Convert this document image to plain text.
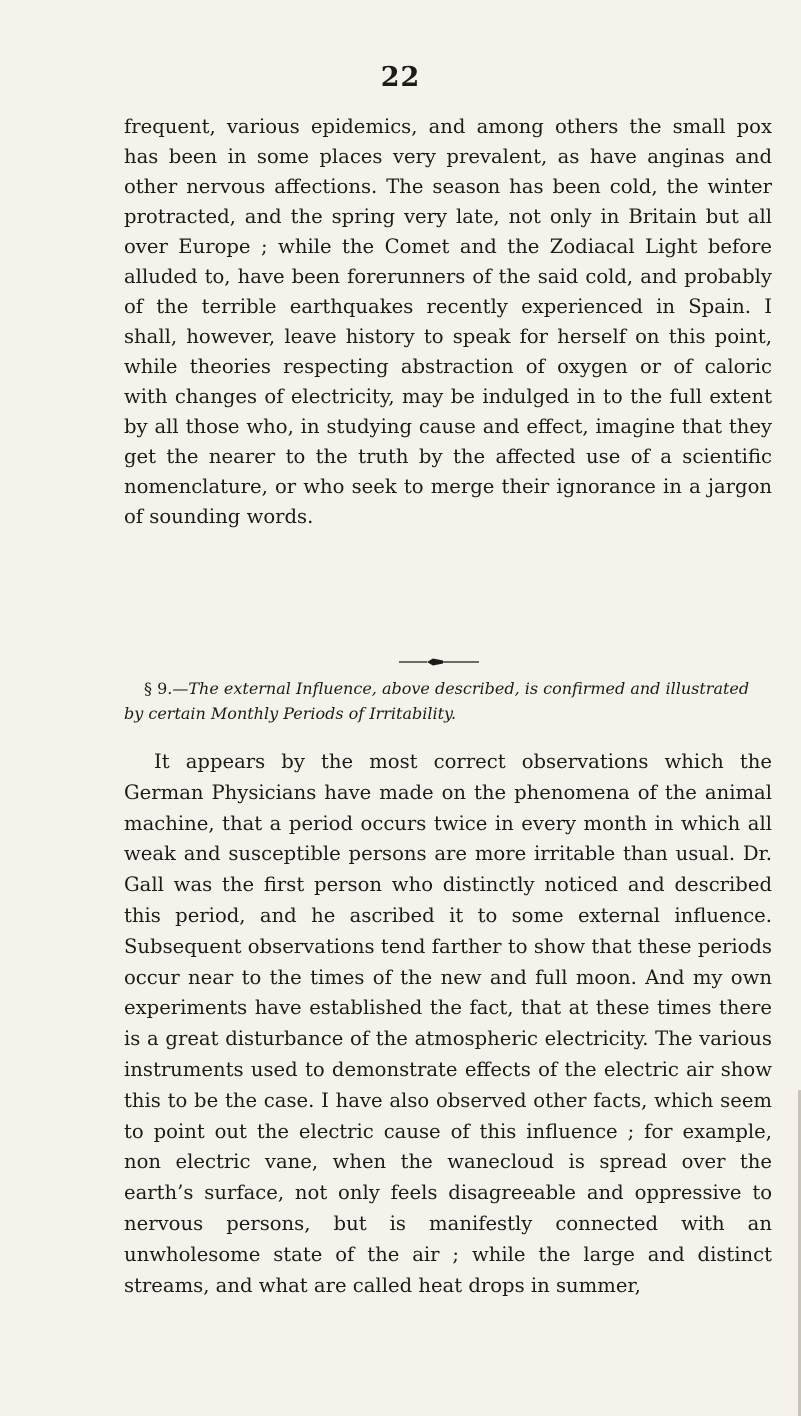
22

frequent, various epidemics, and among others the small pox has been in some places very prevalent, as have anginas and other nervous affections. The season has been cold, the winter protracted, and the spring very late, not only in Britain but all over Europe ; while the Comet and the Zodiacal Light before alluded to, have been forerunners of the said cold, and probably of the terrible earthquakes recently experienced in Spain. I shall, however, leave history to speak for herself on this point, while theories respecting abstraction of oxygen or of caloric with changes of electricity, may be indulged in to the full extent by all those who, in studying cause and effect, imagine that they get the nearer to the truth by the affected use of a scientific nomenclature, or who seek to merge their ignorance in a jargon of sounding words.

§ 9.—The external Influence, above described, is confirmed and illustrated by certain Monthly Periods of Irritability.

It appears by the most correct observations which the German Physicians have made on the phenomena of the animal machine, that a period occurs twice in every month in which all weak and susceptible persons are more irritable than usual. Dr. Gall was the first person who distinctly noticed and described this period, and he ascribed it to some external influence. Subsequent observations tend farther to show that these periods occur near to the times of the new and full moon. And my own experiments have established the fact, that at these times there is a great disturbance of the atmospheric electricity. The various instruments used to demonstrate effects of the electric air show this to be the case. I have also observed other facts, which seem to point out the electric cause of this influence ; for example, non electric vane, when the wanecloud is spread over the earth’s surface, not only feels disagreeable and oppressive to nervous persons, but is manifestly connected with an unwholesome state of the air ; while the large and distinct streams, and what are called heat drops in summer,
